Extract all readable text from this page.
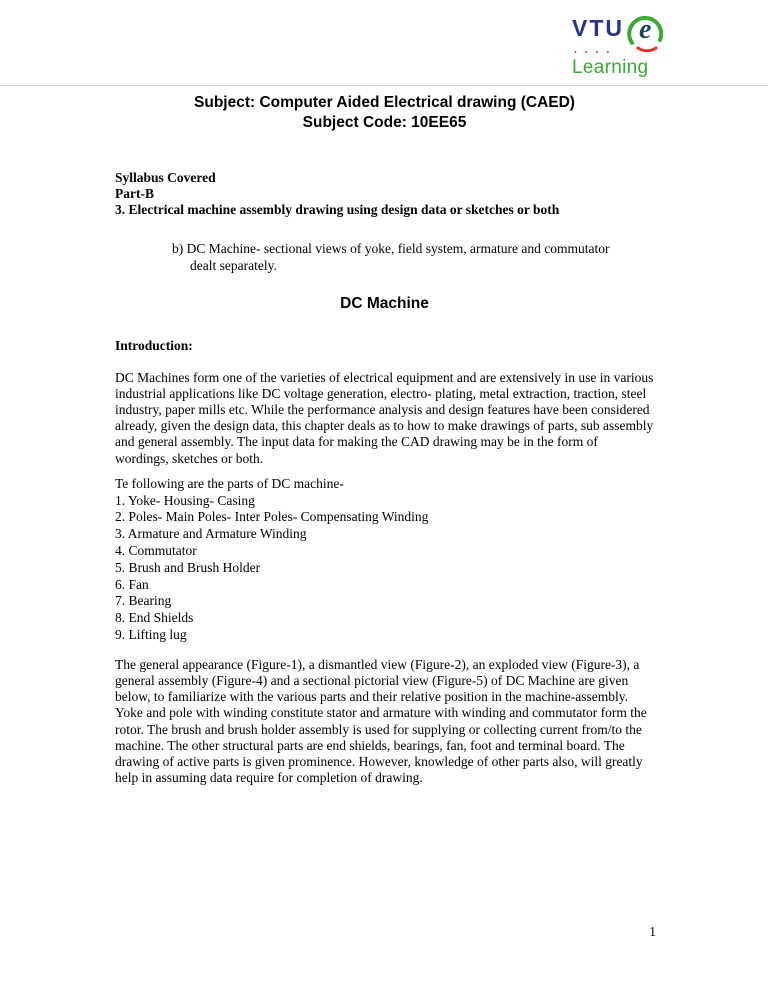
VTU e
• • • •
Learning
Subject: Computer Aided Electrical drawing (CAED)
Subject Code: 10EE65
Syllabus Covered
Part-B
3. Electrical machine assembly drawing using design data or sketches or both
b) DC Machine- sectional views of yoke, field system, armature and commutator
dealt separately.
DC Machine
Introduction:

DC Machines form one of the varieties of electrical equipment and are extensively in use in various industrial applications like DC voltage generation, electro- plating, metal extraction, traction, steel industry, paper mills etc. While the performance analysis and design features have been considered already, given the design data, this chapter deals as to how to make drawings of parts, sub assembly and general assembly. The input data for making the CAD drawing may be in the form of wordings, sketches or both.

Te following are the parts of DC machine-
1. Yoke- Housing- Casing
2. Poles- Main Poles- Inter Poles- Compensating Winding
3. Armature and Armature Winding
4. Commutator
5. Brush and Brush Holder
6. Fan
7. Bearing
8. End Shields
9. Lifting lug

The general appearance (Figure-1), a dismantled view (Figure-2), an exploded view (Figure-3), a general assembly (Figure-4) and a sectional pictorial view (Figure-5) of DC Machine are given below, to familiarize with the various parts and their relative position in the machine-assembly.

Yoke and pole with winding constitute stator and armature with winding and commutator form the rotor. The brush and brush holder assembly is used for supplying or collecting current from/to the machine. The other structural parts are end shields, bearings, fan, foot and terminal board. The drawing of active parts is given prominence. However, knowledge of other parts also, will greatly help in assuming data require for completion of drawing.

1
